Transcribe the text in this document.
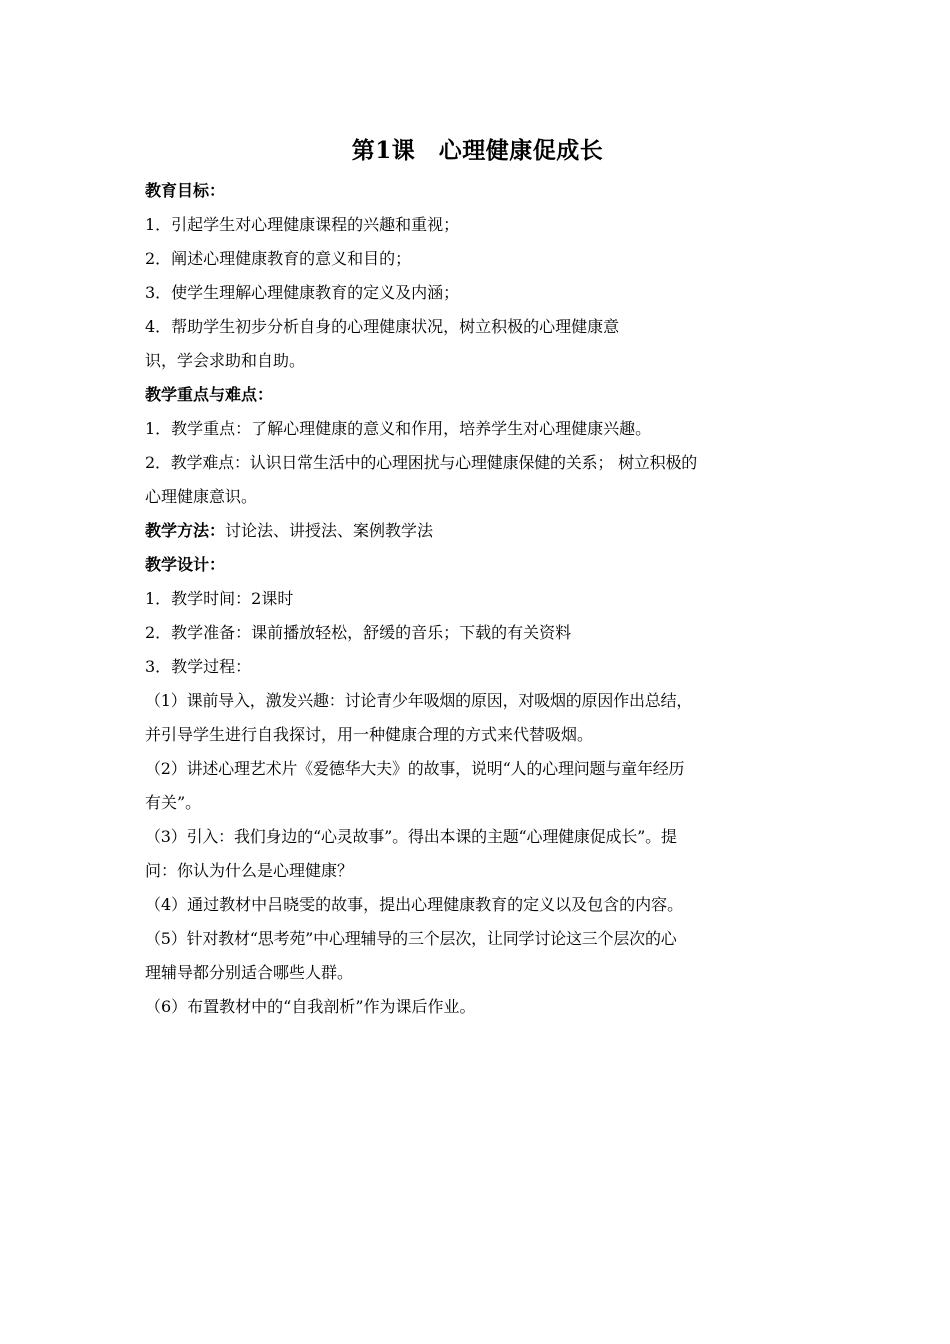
第1课　心理健康促成长
教育目标：
1．引起学生对心理健康课程的兴趣和重视；
2．阐述心理健康教育的意义和目的；
3．使学生理解心理健康教育的定义及内涵；
4．帮助学生初步分析自身的心理健康状况，树立积极的心理健康意
识，学会求助和自助。
教学重点与难点：
1．教学重点：了解心理健康的意义和作用，培养学生对心理健康兴趣。
2．教学难点：认识日常生活中的心理困扰与心理健康保健的关系； 树立积极的
心理健康意识。
教学方法：讨论法、讲授法、案例教学法
教学设计：
1．教学时间：2课时
2．教学准备：课前播放轻松，舒缓的音乐；下载的有关资料
3．教学过程：
（1）课前导入，激发兴趣：讨论青少年吸烟的原因，对吸烟的原因作出总结，
并引导学生进行自我探讨，用一种健康合理的方式来代替吸烟。
（2）讲述心理艺术片《爱德华大夫》的故事，说明“人的心理问题与童年经历
有关”。
（3）引入：我们身边的“心灵故事”。得出本课的主题“心理健康促成长”。提
问：你认为什么是心理健康？
（4）通过教材中吕晓雯的故事，提出心理健康教育的定义以及包含的内容。
（5）针对教材“思考苑”中心理辅导的三个层次，让同学讨论这三个层次的心
理辅导都分别适合哪些人群。
（6）布置教材中的“自我剖析”作为课后作业。
